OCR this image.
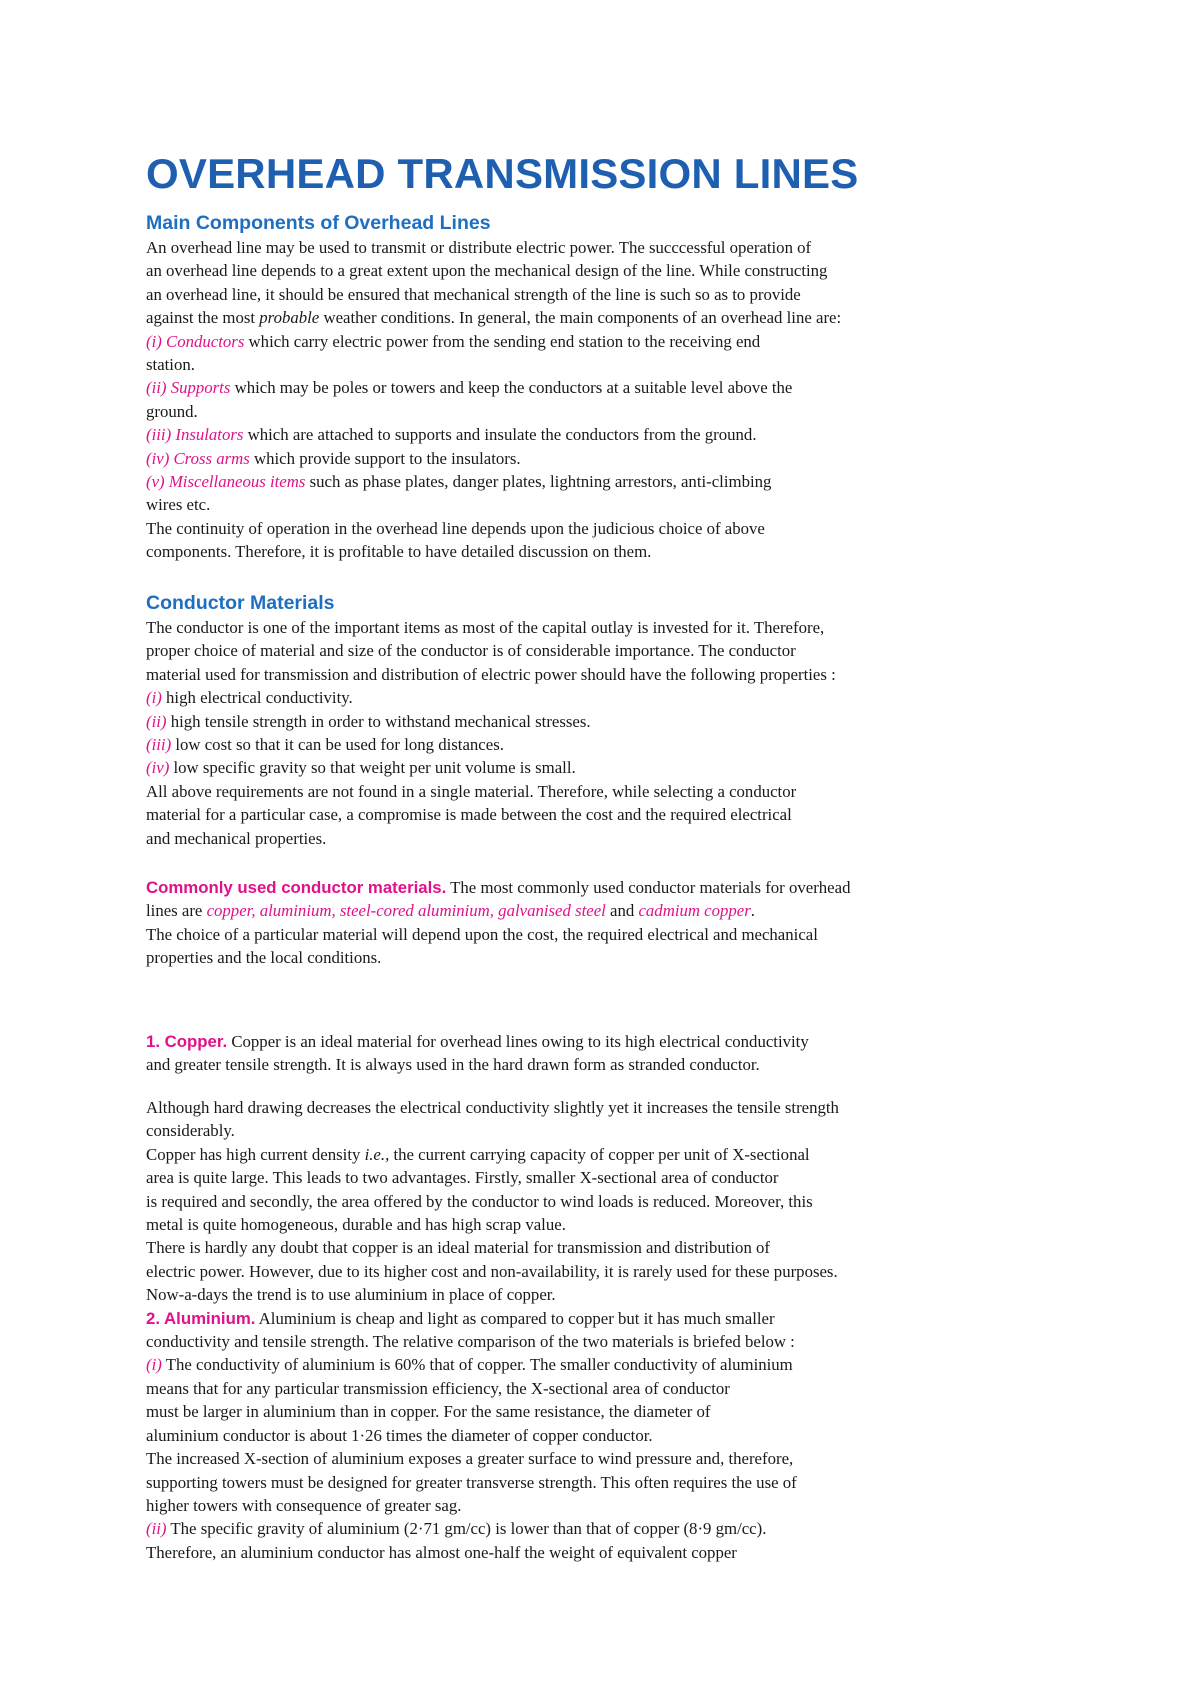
OVERHEAD TRANSMISSION LINES
Main Components of Overhead Lines
An overhead line may be used to transmit or distribute electric power. The succcessful operation of
an overhead line depends to a great extent upon the mechanical design of the line. While constructing
an overhead line, it should be ensured that mechanical strength of the line is such so as to provide
against the most probable weather conditions. In general, the main components of an overhead line are:
(i) Conductors which carry electric power from the sending end station to the receiving end
station.
(ii) Supports which may be poles or towers and keep the conductors at a suitable level above the
ground.
(iii) Insulators which are attached to supports and insulate the conductors from the ground.
(iv) Cross arms which provide support to the insulators.
(v) Miscellaneous items such as phase plates, danger plates, lightning arrestors, anti-climbing
wires etc.
The continuity of operation in the overhead line depends upon the judicious choice of above
components. Therefore, it is profitable to have detailed discussion on them.
Conductor Materials
The conductor is one of the important items as most of the capital outlay is invested for it. Therefore,
proper choice of material and size of the conductor is of considerable importance. The conductor
material used for transmission and distribution of electric power should have the following properties :
(i) high electrical conductivity.
(ii) high tensile strength in order to withstand mechanical stresses.
(iii) low cost so that it can be used for long distances.
(iv) low specific gravity so that weight per unit volume is small.
All above requirements are not found in a single material. Therefore, while selecting a conductor
material for a particular case, a compromise is made between the cost and the required electrical
and mechanical properties.
Commonly used conductor materials. The most commonly used conductor materials for overhead
lines are copper, aluminium, steel-cored aluminium, galvanised steel and cadmium copper.
The choice of a particular material will depend upon the cost, the required electrical and mechanical
properties and the local conditions.
1. Copper. Copper is an ideal material for overhead lines owing to its high electrical conductivity
and greater tensile strength. It is always used in the hard drawn form as stranded conductor.
Although hard drawing decreases the electrical conductivity slightly yet it increases the tensile strength
considerably.
Copper has high current density i.e., the current carrying capacity of copper per unit of X-sectional
area is quite large. This leads to two advantages. Firstly, smaller X-sectional area of conductor
is required and secondly, the area offered by the conductor to wind loads is reduced. Moreover, this
metal is quite homogeneous, durable and has high scrap value.
There is hardly any doubt that copper is an ideal material for transmission and distribution of
electric power. However, due to its higher cost and non-availability, it is rarely used for these purposes.
Now-a-days the trend is to use aluminium in place of copper.
2. Aluminium. Aluminium is cheap and light as compared to copper but it has much smaller
conductivity and tensile strength. The relative comparison of the two materials is briefed below :
(i) The conductivity of aluminium is 60% that of copper. The smaller conductivity of aluminium
means that for any particular transmission efficiency, the X-sectional area of conductor
must be larger in aluminium than in copper. For the same resistance, the diameter of
aluminium conductor is about 1·26 times the diameter of copper conductor.
The increased X-section of aluminium exposes a greater surface to wind pressure and, therefore,
supporting towers must be designed for greater transverse strength. This often requires the use of
higher towers with consequence of greater sag.
(ii) The specific gravity of aluminium (2·71 gm/cc) is lower than that of copper (8·9 gm/cc).
Therefore, an aluminium conductor has almost one-half the weight of equivalent copper
